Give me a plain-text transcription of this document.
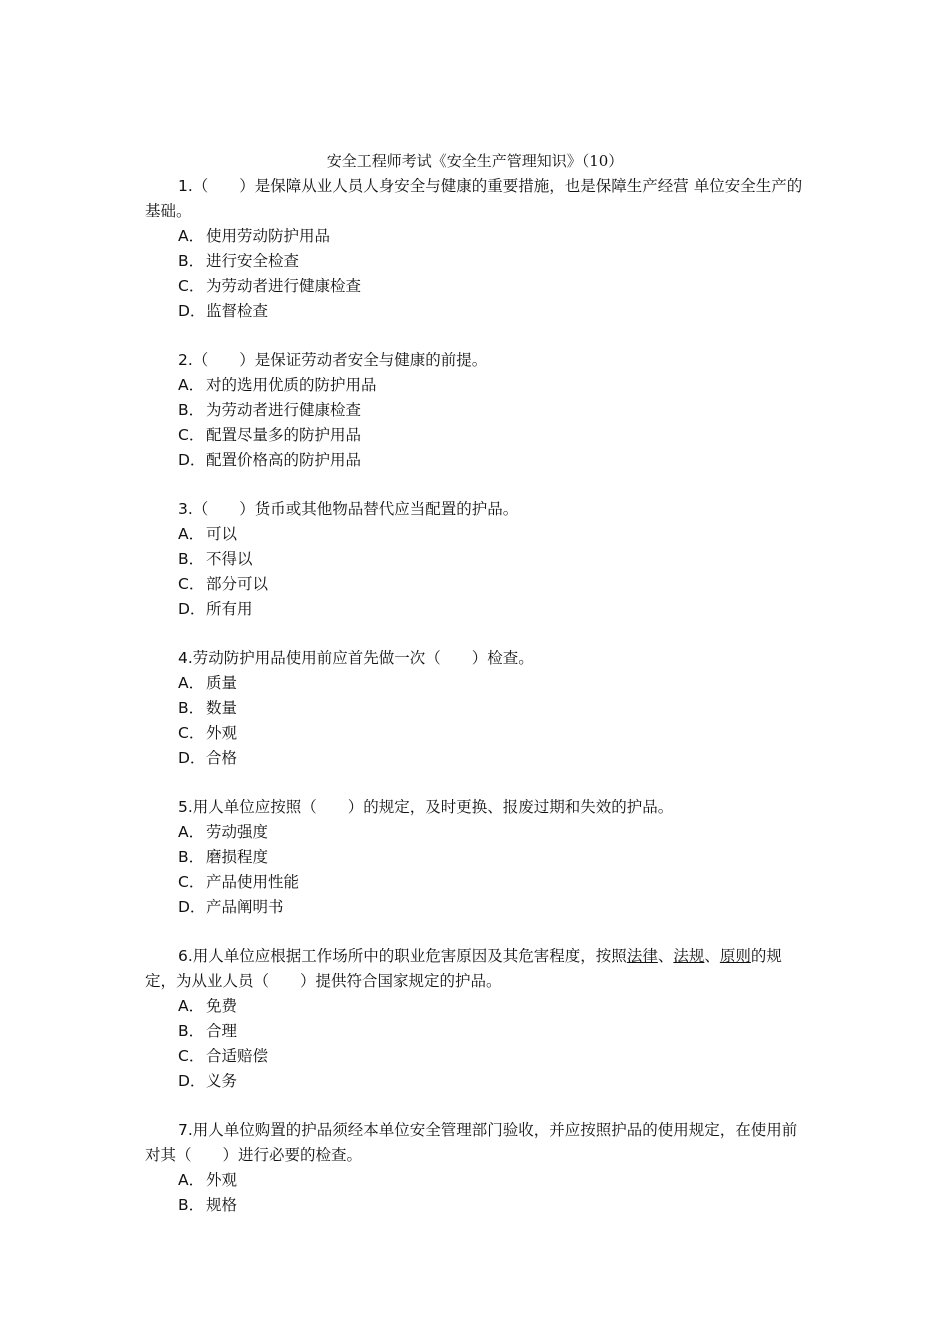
安全工程师考试《安全生产管理知识》（10）

1.（　　）是保障从业人员人身安全与健康的重要措施，也是保障生产经营 单位安全生产的基础。

A． 使用劳动防护用品

B． 进行安全检查

C． 为劳动者进行健康检查

D．监督检查

2.（　　）是保证劳动者安全与健康的前提。

A． 对的选用优质的防护用品

B． 为劳动者进行健康检查

C． 配置尽量多的防护用品

D．配置价格高的防护用品

3.（　　）货币或其他物品替代应当配置的护品。

A． 可以

B． 不得以

C． 部分可以

D．所有用

4.劳动防护用品使用前应首先做一次（　　）检查。

A． 质量

B． 数量

C． 外观

D．合格

5.用人单位应按照（　　）的规定，及时更换、报废过期和失效的护品。

A． 劳动强度

B． 磨损程度

C． 产品使用性能

D．产品阐明书

6.用人单位应根据工作场所中的职业危害原因及其危害程度，按照法律、法规、原则的规定，为从业人员（　　）提供符合国家规定的护品。

A． 免费

B． 合理

C． 合适赔偿

D．义务

7.用人单位购置的护品须经本单位安全管理部门验收，并应按照护品的使用规定，在使用前对其（　　）进行必要的检查。

A． 外观

B． 规格
